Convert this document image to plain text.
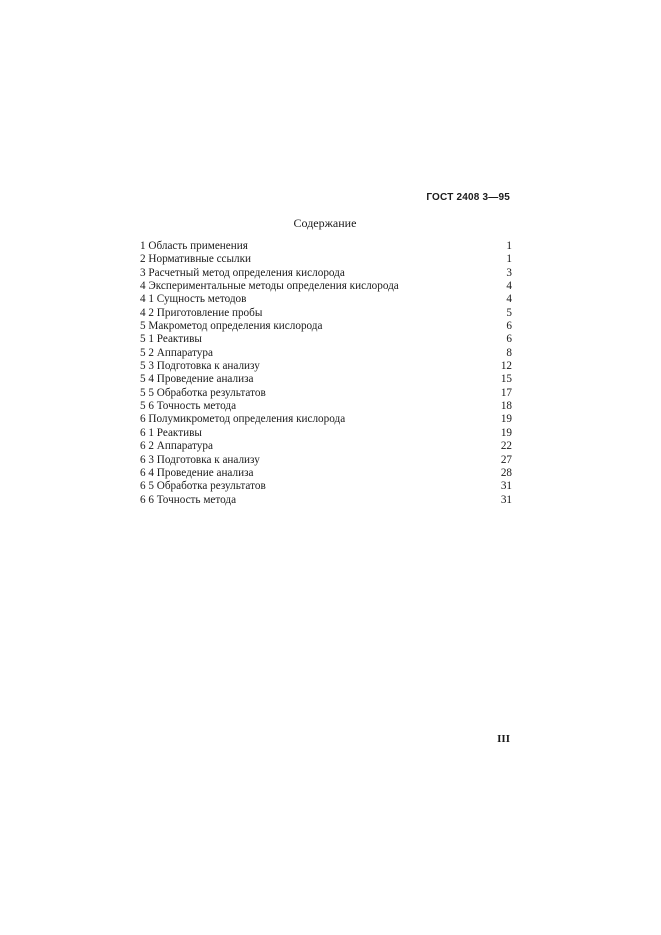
ГОСТ 2408 3—95
Содержание
1 Область применения	1
2 Нормативные ссылки	1
3 Расчетный метод определения кислорода	3
4 Экспериментальные методы определения кислорода	4
4 1 Сущность методов	4
4 2 Приготовление пробы	5
5 Макрометод определения кислорода	6
5 1 Реактивы	6
5 2 Аппаратура	8
5 3 Подготовка к анализу	12
5 4 Проведение анализа	15
5 5 Обработка результатов	17
5 6 Точность метода	18
6 Полумикрометод определения кислорода	19
6 1 Реактивы	19
6 2 Аппаратура	22
6 3 Подготовка к анализу	27
6 4 Проведение анализа	28
6 5 Обработка результатов	31
6 6 Точность метода	31
III
